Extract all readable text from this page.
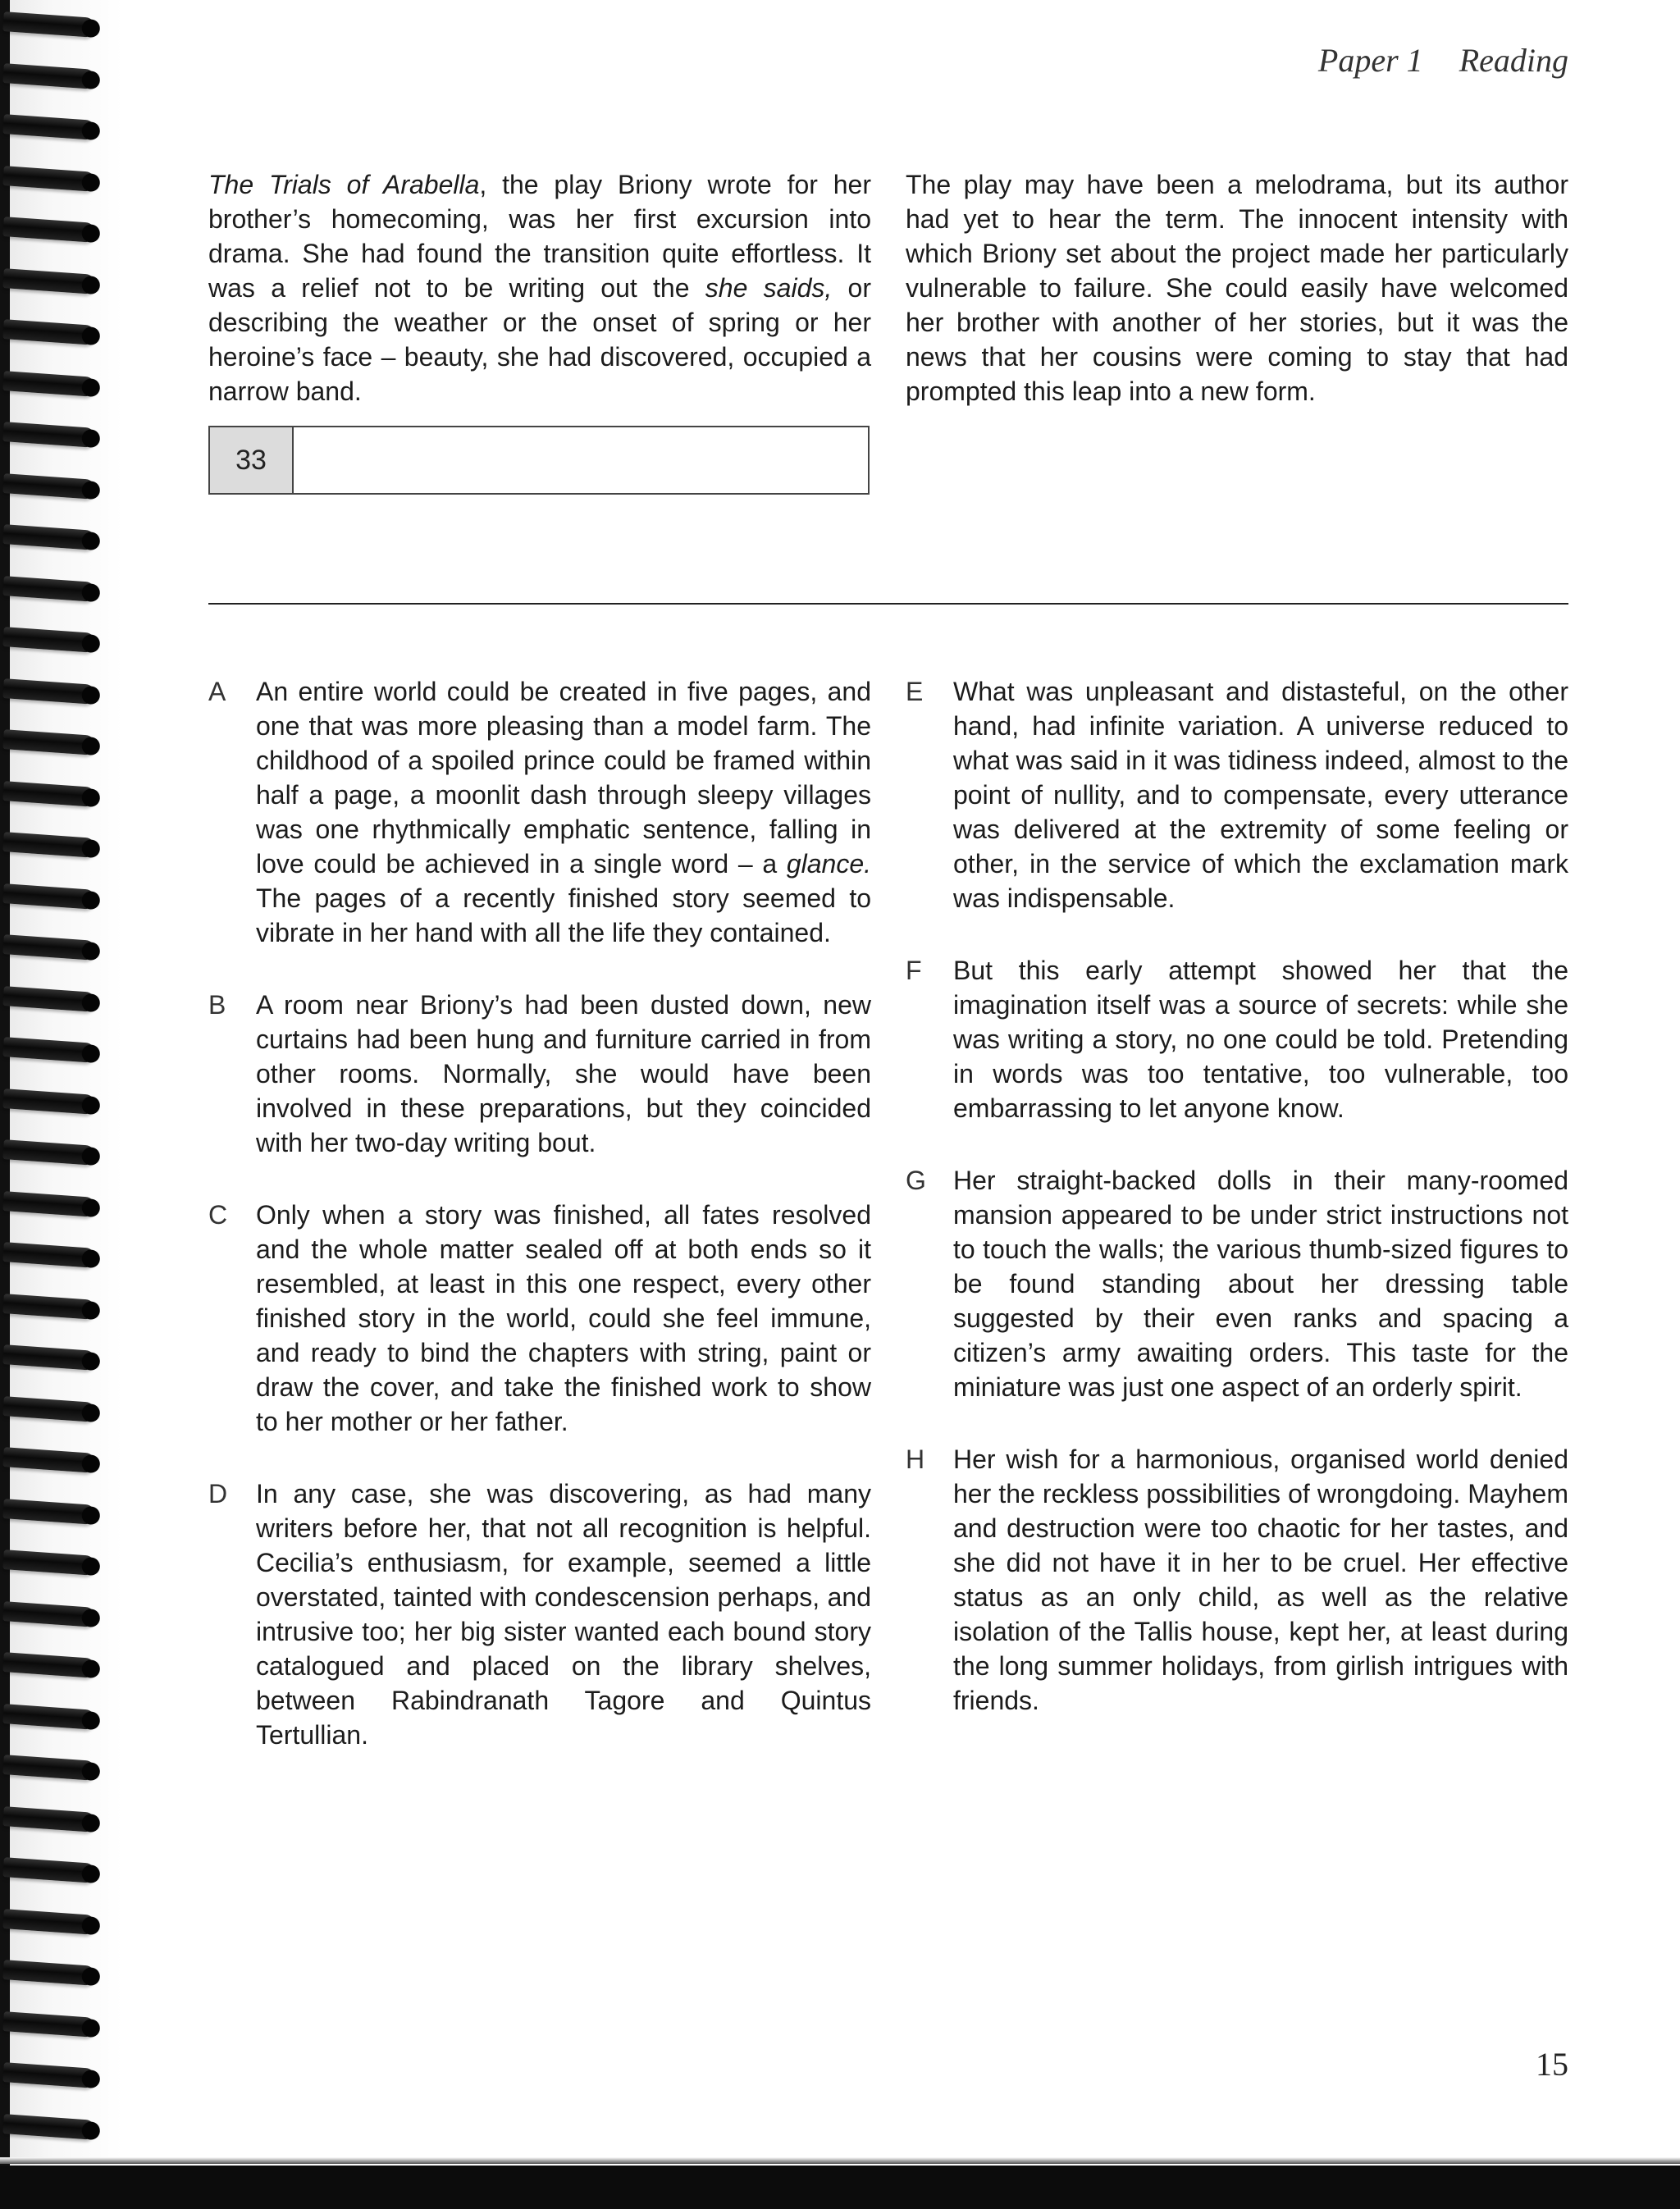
Paper 1 Reading

The Trials of Arabella, the play Briony wrote for her brother’s homecoming, was her first excursion into drama. She had found the transition quite effortless. It was a relief not to be writing out the she saids, or describing the weather or the onset of spring or her heroine’s face – beauty, she had discovered, occupied a narrow band.

33

The play may have been a melodrama, but its author had yet to hear the term. The innocent intensity with which Briony set about the project made her particularly vulnerable to failure. She could easily have welcomed her brother with another of her stories, but it was the news that her cousins were coming to stay that had prompted this leap into a new form.

A	An entire world could be created in five pages, and one that was more pleasing than a model farm. The childhood of a spoiled prince could be framed within half a page, a moonlit dash through sleepy villages was one rhythmically emphatic sentence, falling in love could be achieved in a single word – a glance. The pages of a recently finished story seemed to vibrate in her hand with all the life they contained.

B	A room near Briony’s had been dusted down, new curtains had been hung and furniture carried in from other rooms. Normally, she would have been involved in these preparations, but they coincided with her two-day writing bout.

C	Only when a story was finished, all fates resolved and the whole matter sealed off at both ends so it resembled, at least in this one respect, every other finished story in the world, could she feel immune, and ready to bind the chapters with string, paint or draw the cover, and take the finished work to show to her mother or her father.

D	In any case, she was discovering, as had many writers before her, that not all recognition is helpful. Cecilia’s enthusiasm, for example, seemed a little overstated, tainted with condescension perhaps, and intrusive too; her big sister wanted each bound story catalogued and placed on the library shelves, between Rabindranath Tagore and Quintus Tertullian.

E	What was unpleasant and distasteful, on the other hand, had infinite variation. A universe reduced to what was said in it was tidiness indeed, almost to the point of nullity, and to compensate, every utterance was delivered at the extremity of some feeling or other, in the service of which the exclamation mark was indispensable.

F	But this early attempt showed her that the imagination itself was a source of secrets: while she was writing a story, no one could be told. Pretending in words was too tentative, too vulnerable, too embarrassing to let anyone know.

G	Her straight-backed dolls in their many-roomed mansion appeared to be under strict instructions not to touch the walls; the various thumb-sized figures to be found standing about her dressing table suggested by their even ranks and spacing a citizen’s army awaiting orders. This taste for the miniature was just one aspect of an orderly spirit.

H	Her wish for a harmonious, organised world denied her the reckless possibilities of wrongdoing. Mayhem and destruction were too chaotic for her tastes, and she did not have it in her to be cruel. Her effective status as an only child, as well as the relative isolation of the Tallis house, kept her, at least during the long summer holidays, from girlish intrigues with friends.

15
